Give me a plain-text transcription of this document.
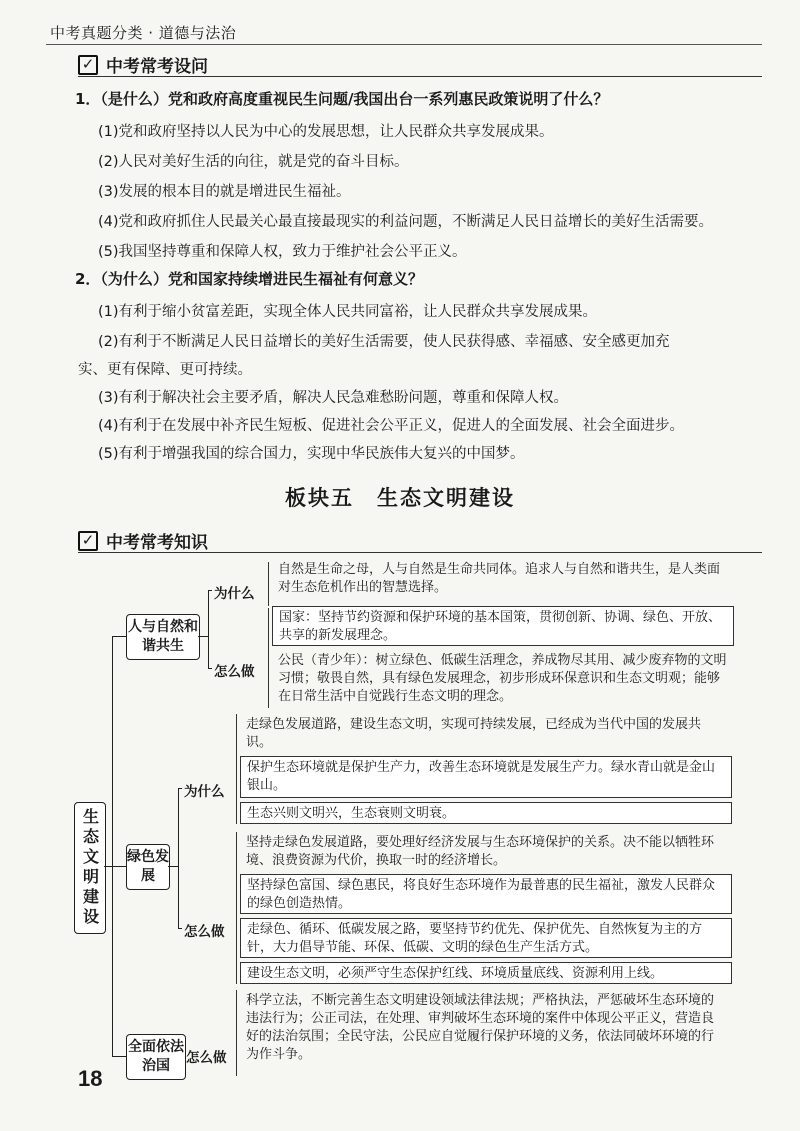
中考真题分类 · 道德与法治
✓ 中考常考设问
1．（是什么）党和政府高度重视民生问题/我国出台一系列惠民政策说明了什么？
(1)党和政府坚持以人民为中心的发展思想，让人民群众共享发展成果。
(2)人民对美好生活的向往，就是党的奋斗目标。
(3)发展的根本目的就是增进民生福祉。
(4)党和政府抓住人民最关心最直接最现实的利益问题，不断满足人民日益增长的美好生活需要。
(5)我国坚持尊重和保障人权，致力于维护社会公平正义。
2．（为什么）党和国家持续增进民生福祉有何意义？
(1)有利于缩小贫富差距，实现全体人民共同富裕，让人民群众共享发展成果。
(2)有利于不断满足人民日益增长的美好生活需要，使人民获得感、幸福感、安全感更加充
实、更有保障、更可持续。
(3)有利于解决社会主要矛盾，解决人民急难愁盼问题，尊重和保障人权。
(4)有利于在发展中补齐民生短板、促进社会公平正义，促进人的全面发展、社会全面进步。
(5)有利于增强我国的综合国力，实现中华民族伟大复兴的中国梦。
板块五　生态文明建设
✓ 中考常考知识
生态文明建设
人与自然和谐共生
为什么
怎么做
自然是生命之母，人与自然是生命共同体。追求人与自然和谐共生，是人类面对生态危机作出的智慧选择。
国家：坚持节约资源和保护环境的基本国策，贯彻创新、协调、绿色、开放、共享的新发展理念。
公民（青少年）：树立绿色、低碳生活理念，养成物尽其用、减少废弃物的文明习惯；敬畏自然，具有绿色发展理念，初步形成环保意识和生态文明观；能够在日常生活中自觉践行生态文明的理念。
绿色发展
为什么
怎么做
走绿色发展道路，建设生态文明，实现可持续发展，已经成为当代中国的发展共识。
保护生态环境就是保护生产力，改善生态环境就是发展生产力。绿水青山就是金山银山。
生态兴则文明兴，生态衰则文明衰。
坚持走绿色发展道路，要处理好经济发展与生态环境保护的关系。决不能以牺牲环境、浪费资源为代价，换取一时的经济增长。
坚持绿色富国、绿色惠民，将良好生态环境作为最普惠的民生福祉，激发人民群众的绿色创造热情。
走绿色、循环、低碳发展之路，要坚持节约优先、保护优先、自然恢复为主的方针，大力倡导节能、环保、低碳、文明的绿色生产生活方式。
建设生态文明，必须严守生态保护红线、环境质量底线、资源利用上线。
全面依法治国	怎么做
科学立法，不断完善生态文明建设领域法律法规；严格执法，严惩破坏生态环境的违法行为；公正司法，在处理、审判破坏生态环境的案件中体现公平正义，营造良好的法治氛围；全民守法，公民应自觉履行保护环境的义务，依法同破坏环境的行为作斗争。
18
